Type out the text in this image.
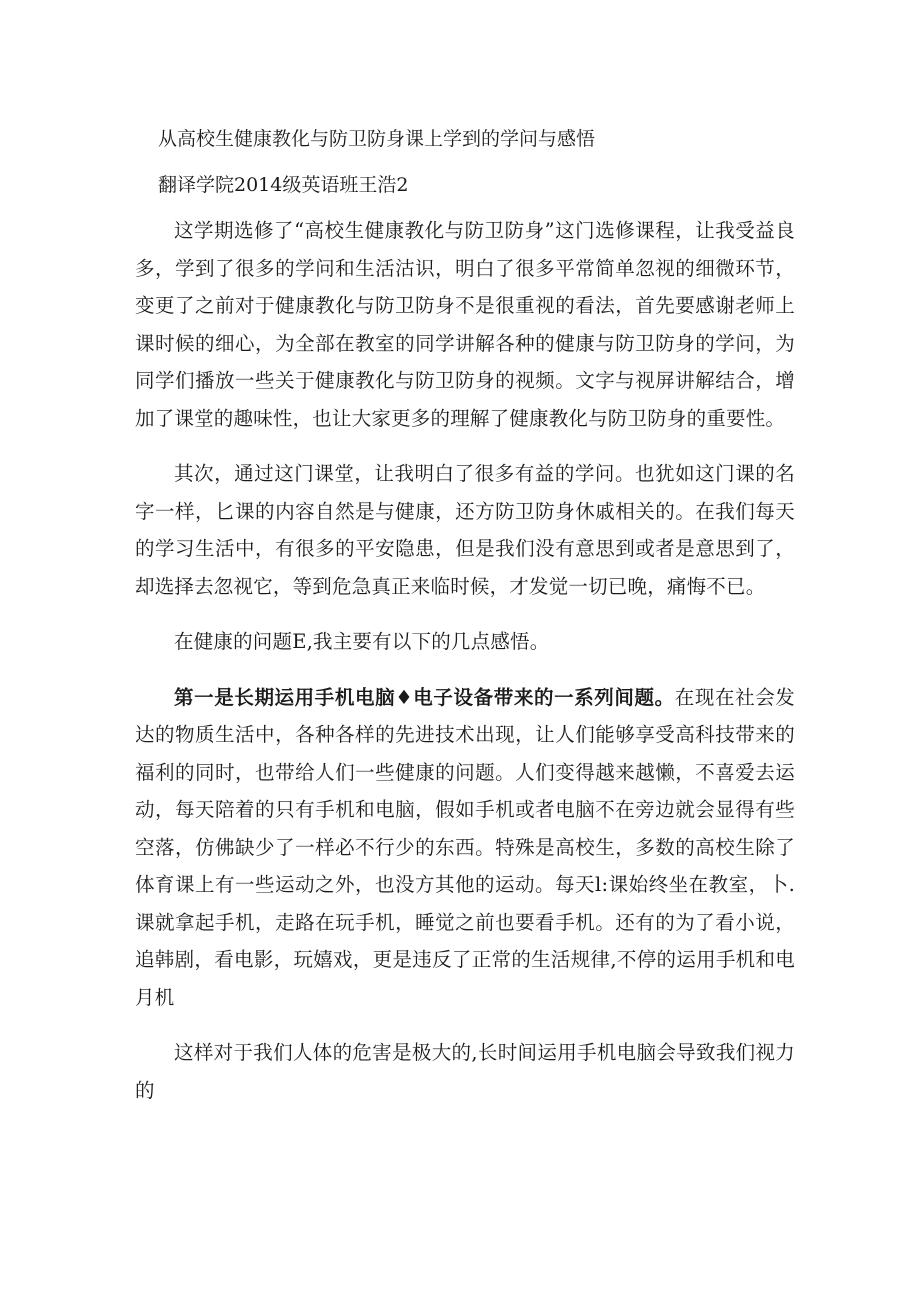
从高校生健康教化与防卫防身课上学到的学问与感悟
翻译学院2014级英语班王浩2

这学期选修了“高校生健康教化与防卫防身”这门选修课程，让我受益良多，学到了很多的学问和生活沽识，明白了很多平常简单忽视的细微环节，变更了之前对于健康教化与防卫防身不是很重视的看法，首先要感谢老师上课时候的细心，为全部在教室的同学讲解各种的健康与防卫防身的学问，为同学们播放一些关于健康教化与防卫防身的视频。文字与视屏讲解结合，增加了课堂的趣味性，也让大家更多的理解了健康教化与防卫防身的重要性。

其次，通过这门课堂，让我明白了很多有益的学问。也犹如这门课的名字一样，匕课的内容自然是与健康，还方防卫防身休戚相关的。在我们每天的学习生活中，有很多的平安隐患，但是我们没有意思到或者是意思到了，却选择去忽视它，等到危急真正来临时候，才发觉一切已晚，痛悔不已。

在健康的问题E,我主要有以下的几点感悟。

第一是长期运用手机电脑♦电子设备带来的一系列间题。在现在社会发达的物质生活中，各种各样的先进技术出现，让人们能够享受高科技带来的福利的同时，也带给人们一些健康的问题。人们变得越来越懒，不喜爱去运动，每天陪着的只有手机和电脑，假如手机或者电脑不在旁边就会显得有些空落，仿佛缺少了一样必不行少的东西。特殊是高校生，多数的高校生除了体育课上有一些运动之外，也没方其他的运动。每天l:课始终坐在教室，卜.课就拿起手机，走路在玩手机，睡觉之前也要看手机。还有的为了看小说，追韩剧，看电影，玩嬉戏，更是违反了正常的生活规律,不停的运用手机和电月机

这样对于我们人体的危害是极大的,长时间运用手机电脑会导致我们视力的
